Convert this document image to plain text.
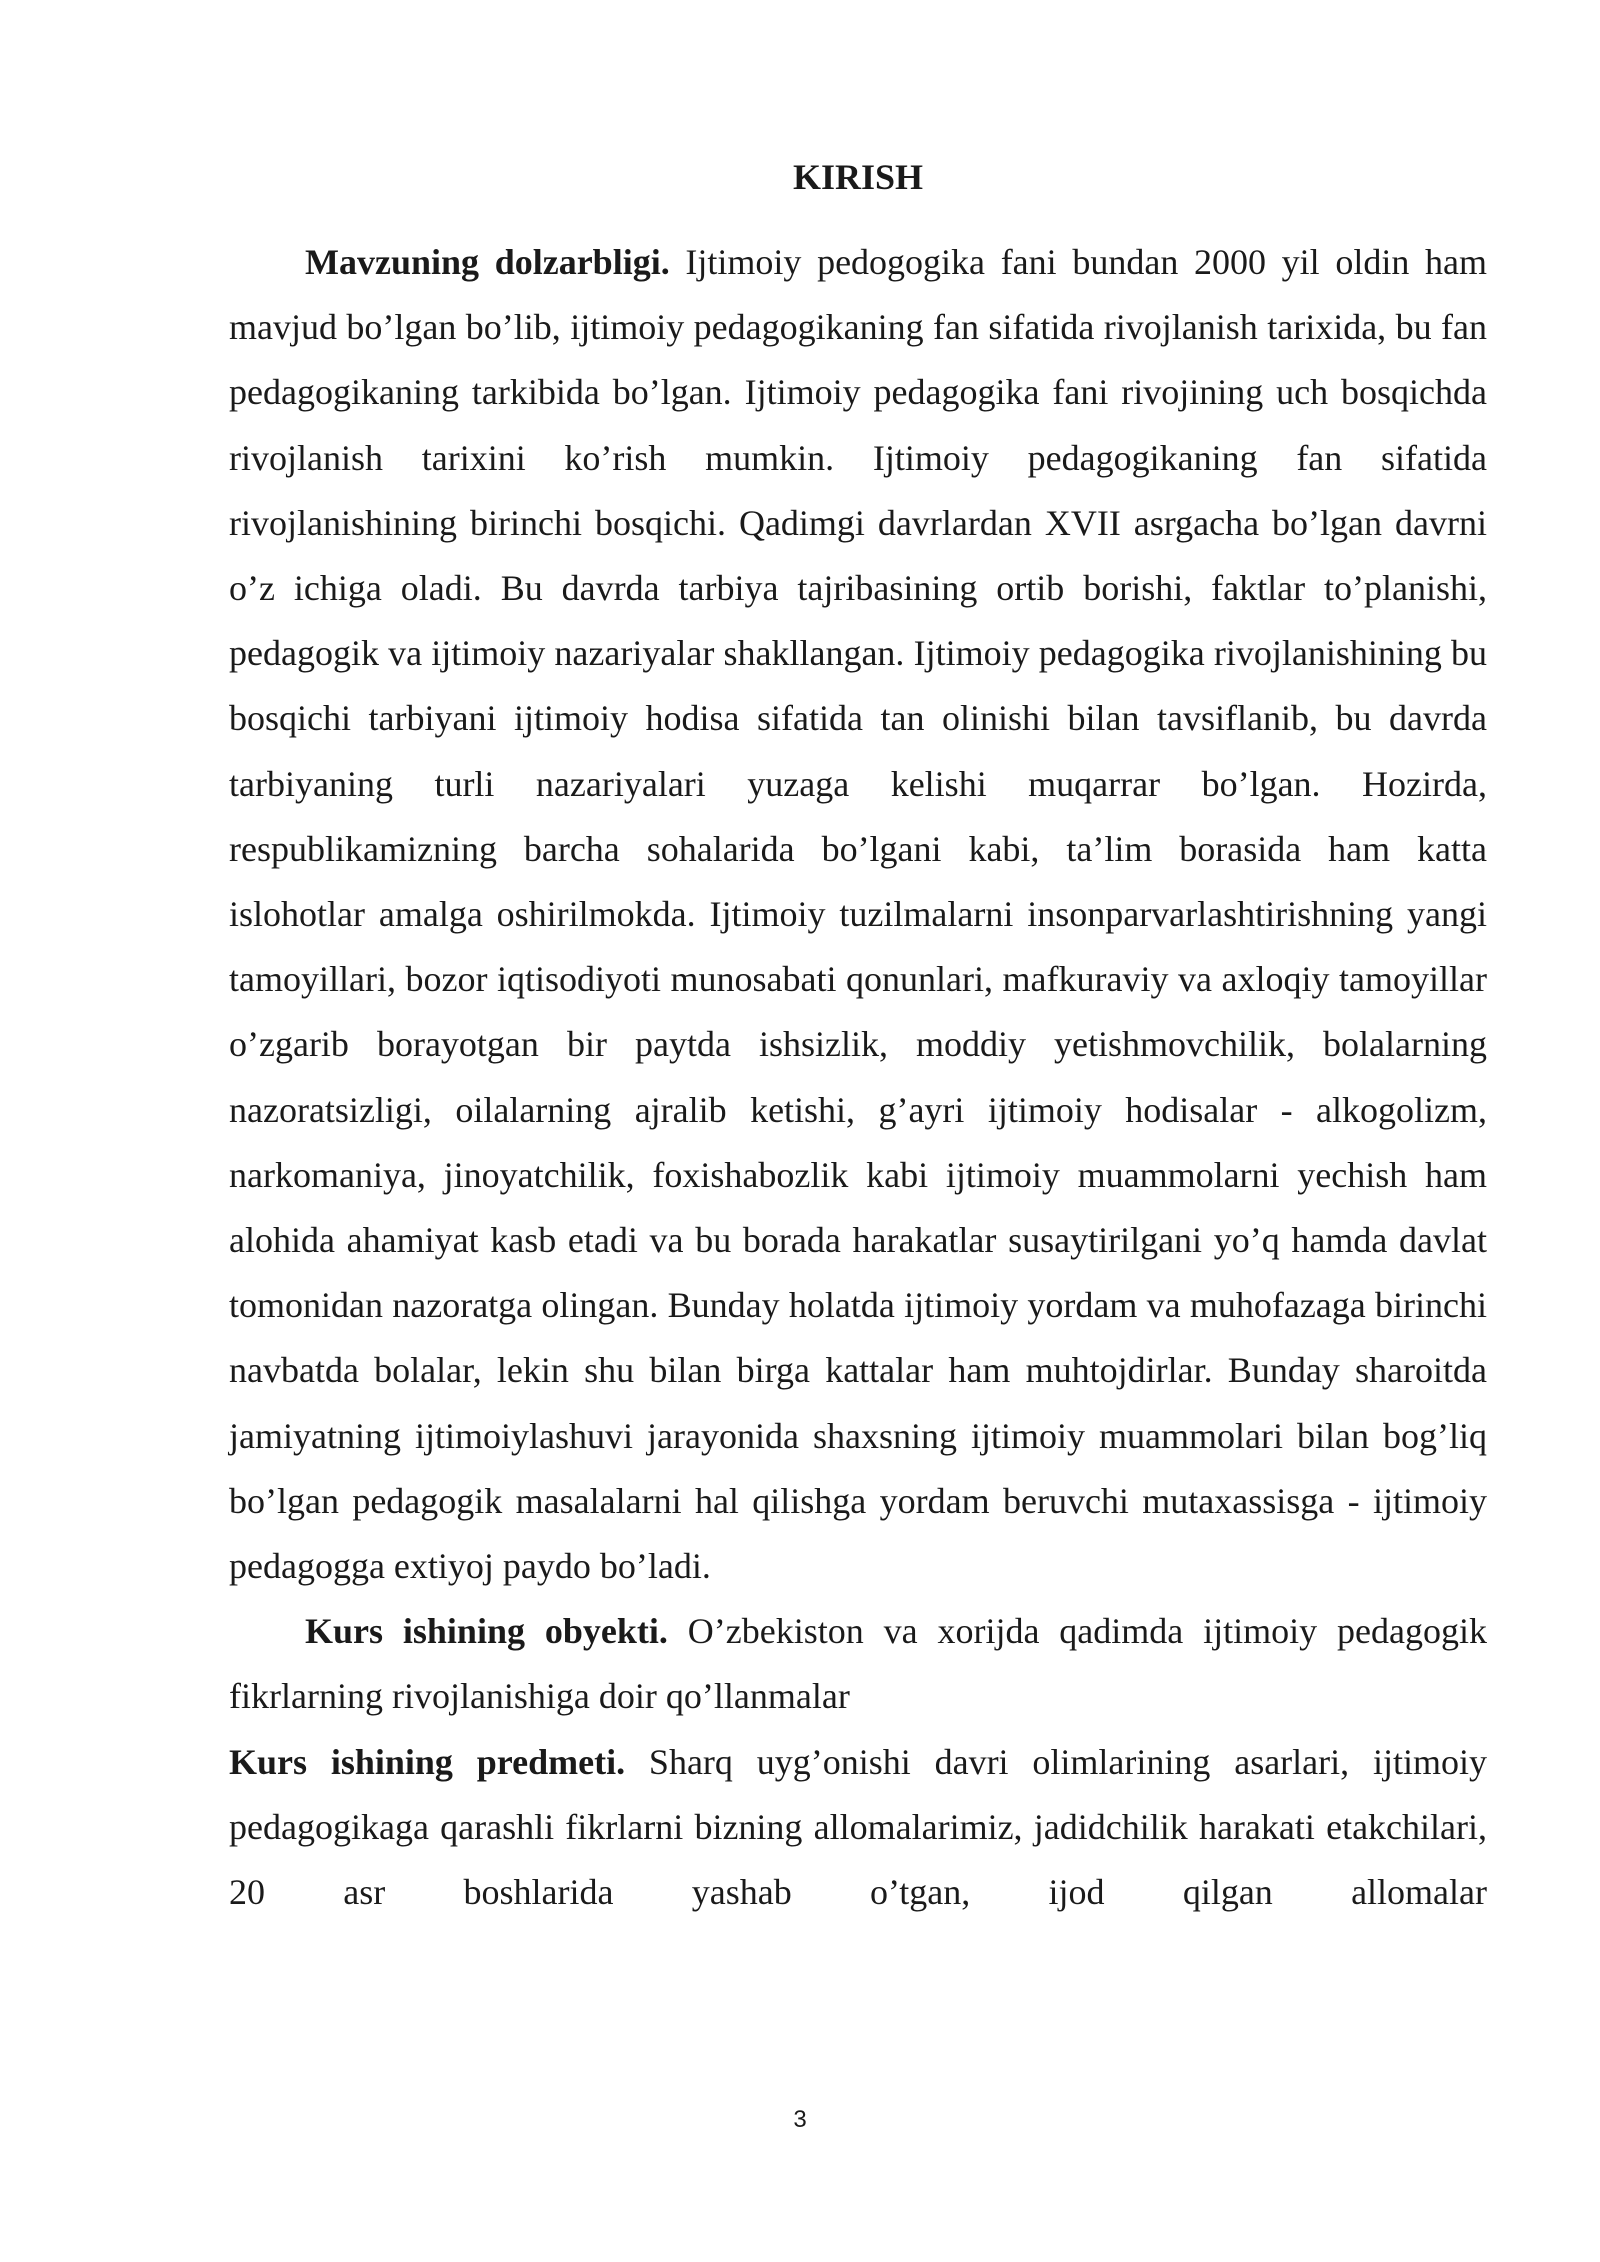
KIRISH

Mavzuning dolzarbligi. Ijtimoiy pedogogika fani bundan 2000 yil oldin ham mavjud bo’lgan bo’lib, ijtimoiy pedagogikaning fan sifatida rivojlanish tarixida, bu fan pedagogikaning tarkibida bo’lgan. Ijtimoiy pedagogika fani rivojining uch bosqichda rivojlanish tarixini ko’rish mumkin. Ijtimoiy pedagogikaning fan sifatida rivojlanishining birinchi bosqichi. Qadimgi davrlardan XVII asrgacha bo’lgan davrni o’z ichiga oladi. Bu davrda tarbiya tajribasining ortib borishi, faktlar to’planishi, pedagogik va ijtimoiy nazariyalar shakllangan. Ijtimoiy pedagogika rivojlanishining bu bosqichi tarbiyani ijtimoiy hodisa sifatida tan olinishi bilan tavsiflanib, bu davrda tarbiyaning turli nazariyalari yuzaga kelishi muqarrar bo’lgan. Hozirda, respublikamizning barcha sohalarida bo’lgani kabi, ta’lim borasida ham katta islohotlar amalga oshirilmokda. Ijtimoiy tuzilmalarni insonparvarlashtirishning yangi tamoyillari, bozor iqtisodiyoti munosabati qonunlari, mafkuraviy va axloqiy tamoyillar o’zgarib borayotgan bir paytda ishsizlik, moddiy yetishmovchilik, bolalarning nazoratsizligi, oilalarning ajralib ketishi, g’ayri ijtimoiy hodisalar - alkogolizm, narkomaniya, jinoyatchilik, foxishabozlik kabi ijtimoiy muammolarni yechish ham alohida ahamiyat kasb etadi va bu borada harakatlar susaytirilgani yo’q hamda davlat tomonidan nazoratga olingan. Bunday holatda ijtimoiy yordam va muhofazaga birinchi navbatda bolalar, lekin shu bilan birga kattalar ham muhtojdirlar. Bunday sharoitda jamiyatning ijtimoiylashuvi jarayonida shaxsning ijtimoiy muammolari bilan bog’liq bo’lgan pedagogik masalalarni hal qilishga yordam beruvchi mutaxassisga - ijtimoiy pedagogga extiyoj paydo bo’ladi.

Kurs ishining obyekti. O’zbekiston va xorijda qadimda ijtimoiy pedagogik fikrlarning rivojlanishiga doir qo’llanmalar

Kurs ishining predmeti. Sharq uyg’onishi davri olimlarining asarlari, ijtimoiy pedagogikaga qarashli fikrlarni bizning allomalarimiz, jadidchilik harakati etakchilari, 20 asr boshlarida yashab o’tgan, ijod qilgan allomalar

3
